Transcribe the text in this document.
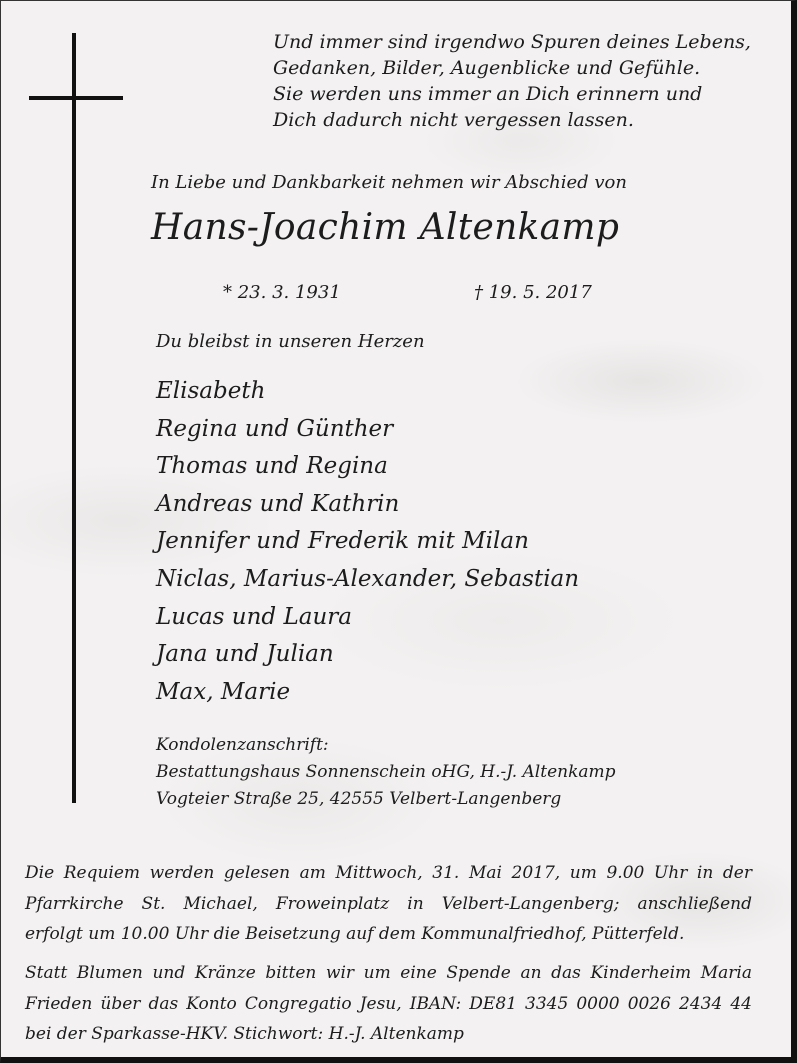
Und immer sind irgendwo Spuren deines Lebens,
Gedanken, Bilder, Augenblicke und Gefühle.
Sie werden uns immer an Dich erinnern und
Dich dadurch nicht vergessen lassen.
In Liebe und Dankbarkeit nehmen wir Abschied von
Hans-Joachim Altenkamp
* 23. 3. 1931	† 19. 5. 2017
Du bleibst in unseren Herzen
Elisabeth
Regina und Günther
Thomas und Regina
Andreas und Kathrin
Jennifer und Frederik mit Milan
Niclas, Marius-Alexander, Sebastian
Lucas und Laura
Jana und Julian
Max, Marie
Kondolenzanschrift:
Bestattungshaus Sonnenschein oHG, H.-J. Altenkamp
Vogteier Straße 25, 42555 Velbert-Langenberg
Die Requiem werden gelesen am Mittwoch, 31. Mai 2017, um 9.00 Uhr in der
Pfarrkirche St. Michael, Froweinplatz in Velbert-Langenberg; anschließend
erfolgt um 10.00 Uhr die Beisetzung auf dem Kommunalfriedhof, Pütterfeld.
Statt Blumen und Kränze bitten wir um eine Spende an das Kinderheim Maria
Frieden über das Konto Congregatio Jesu, IBAN: DE81 3345 0000 0026 2434 44
bei der Sparkasse-HKV. Stichwort: H.-J. Altenkamp
